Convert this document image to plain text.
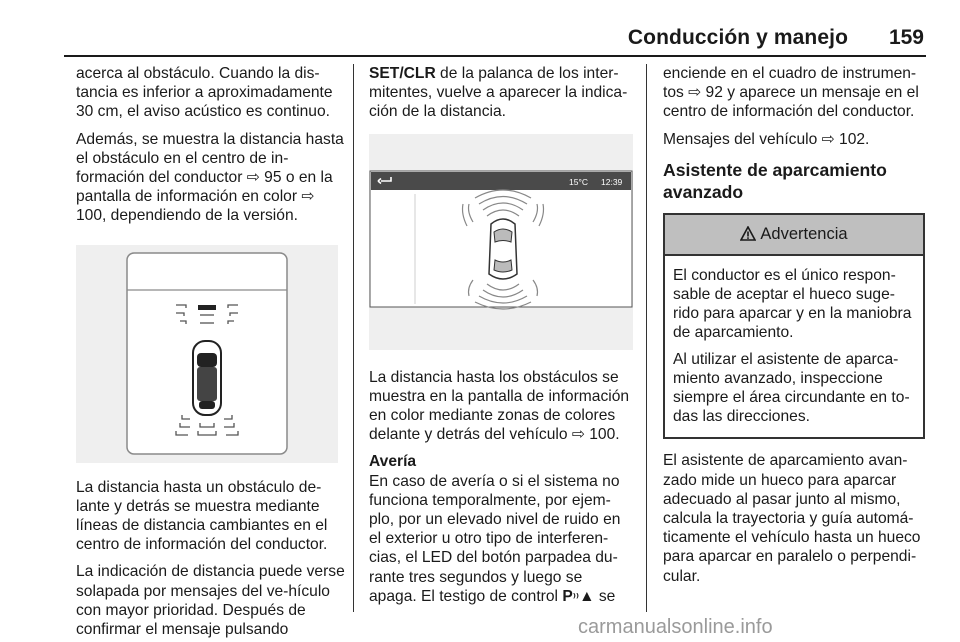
Conducción y manejo 159

acerca al obstáculo. Cuando la dis-tancia es inferior a aproximadamente 30 cm, el aviso acústico es continuo.

Además, se muestra la distancia hasta el obstáculo en el centro de in-formación del conductor ⇨ 95 o en la pantalla de información en color ⇨ 100, dependiendo de la versión.

La distancia hasta un obstáculo de-lante y detrás se muestra mediante líneas de distancia cambiantes en el centro de información del conductor.

La indicación de distancia puede verse solapada por mensajes del ve-hículo con mayor prioridad. Después de confirmar el mensaje pulsando

SET/CLR de la palanca de los inter-mitentes, vuelve a aparecer la indica-ción de la distancia.

15°C 12:39

La distancia hasta los obstáculos se muestra en la pantalla de información en color mediante zonas de colores delante y detrás del vehículo ⇨ 100.

Avería

En caso de avería o si el sistema no funciona temporalmente, por ejem-plo, por un elevado nivel de ruido en el exterior u otro tipo de interferen-cias, el LED del botón parpadea du-rante tres segundos y luego se apaga. El testigo de control P⁾⁾▲ se

enciende en el cuadro de instrumen-tos ⇨ 92 y aparece un mensaje en el centro de información del conductor.

Mensajes del vehículo ⇨ 102.

Asistente de aparcamiento avanzado
Advertencia

El conductor es el único respon-sable de aceptar el hueco suge-rido para aparcar y en la maniobra de aparcamiento.

Al utilizar el asistente de aparca-miento avanzado, inspeccione siempre el área circundante en to-das las direcciones.

El asistente de aparcamiento avan-zado mide un hueco para aparcar adecuado al pasar junto al mismo, calcula la trayectoria y guía automá-ticamente el vehículo hasta un hueco para aparcar en paralelo o perpendi-cular.

carmanualsonline.info
